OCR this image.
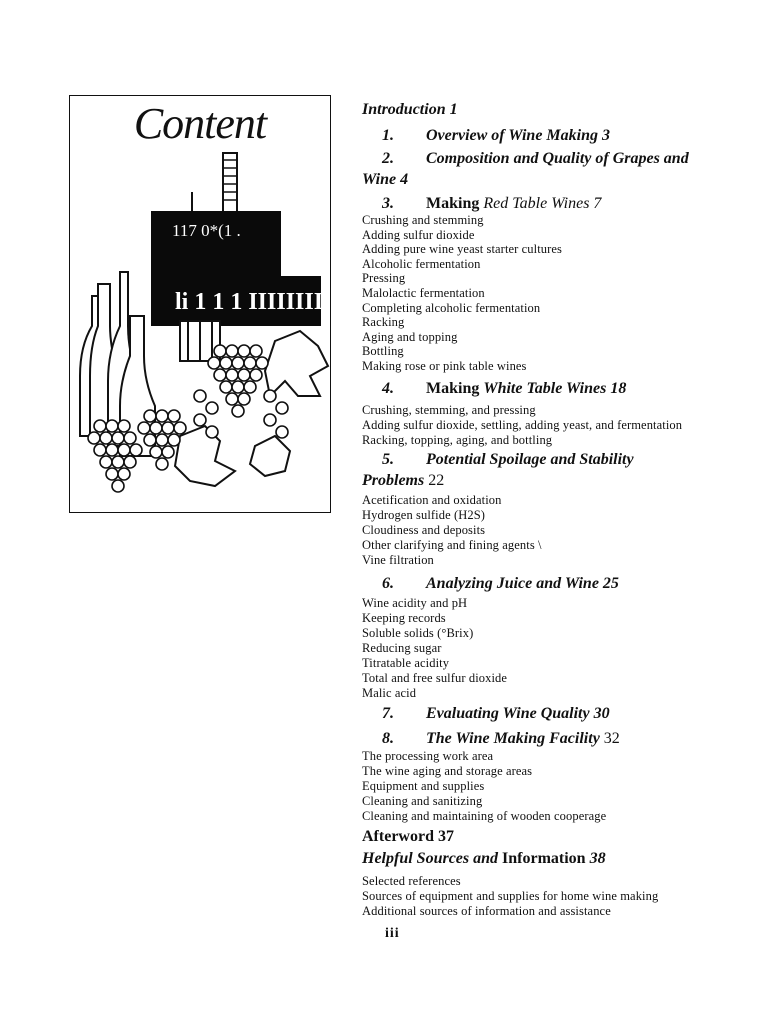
Content
117 0*(1 .
li 1 1 1 IIIIIIII
Introduction 1
1. Overview of Wine Making 3
2. Composition and Quality of Grapes and
Wine 4
3. Making Red Table Wines 7
Crushing and stemming
Adding sulfur dioxide
Adding pure wine yeast starter cultures
Alcoholic fermentation
Pressing
Malolactic fermentation
Completing alcoholic fermentation
Racking
Aging and topping
Bottling
Making rose or pink table wines
4. Making White Table Wines 18
Crushing, stemming, and pressing
Adding sulfur dioxide, settling, adding yeast, and fermentation
Racking, topping, aging, and bottling
5. Potential Spoilage and Stability
Problems 22
Acetification and oxidation
Hydrogen sulfide (H2S)
Cloudiness and deposits
Other clarifying and fining agents \
Vine filtration
6. Analyzing Juice and Wine 25
Wine acidity and pH
Keeping records
Soluble solids (°Brix)
Reducing sugar
Titratable acidity
Total and free sulfur dioxide
Malic acid
7. Evaluating Wine Quality 30
8. The Wine Making Facility 32
The processing work area
The wine aging and storage areas
Equipment and supplies
Cleaning and sanitizing
Cleaning and maintaining of wooden cooperage
Afterword 37
Helpful Sources and Information 38
Selected references
Sources of equipment and supplies for home wine making
Additional sources of information and assistance
iii
